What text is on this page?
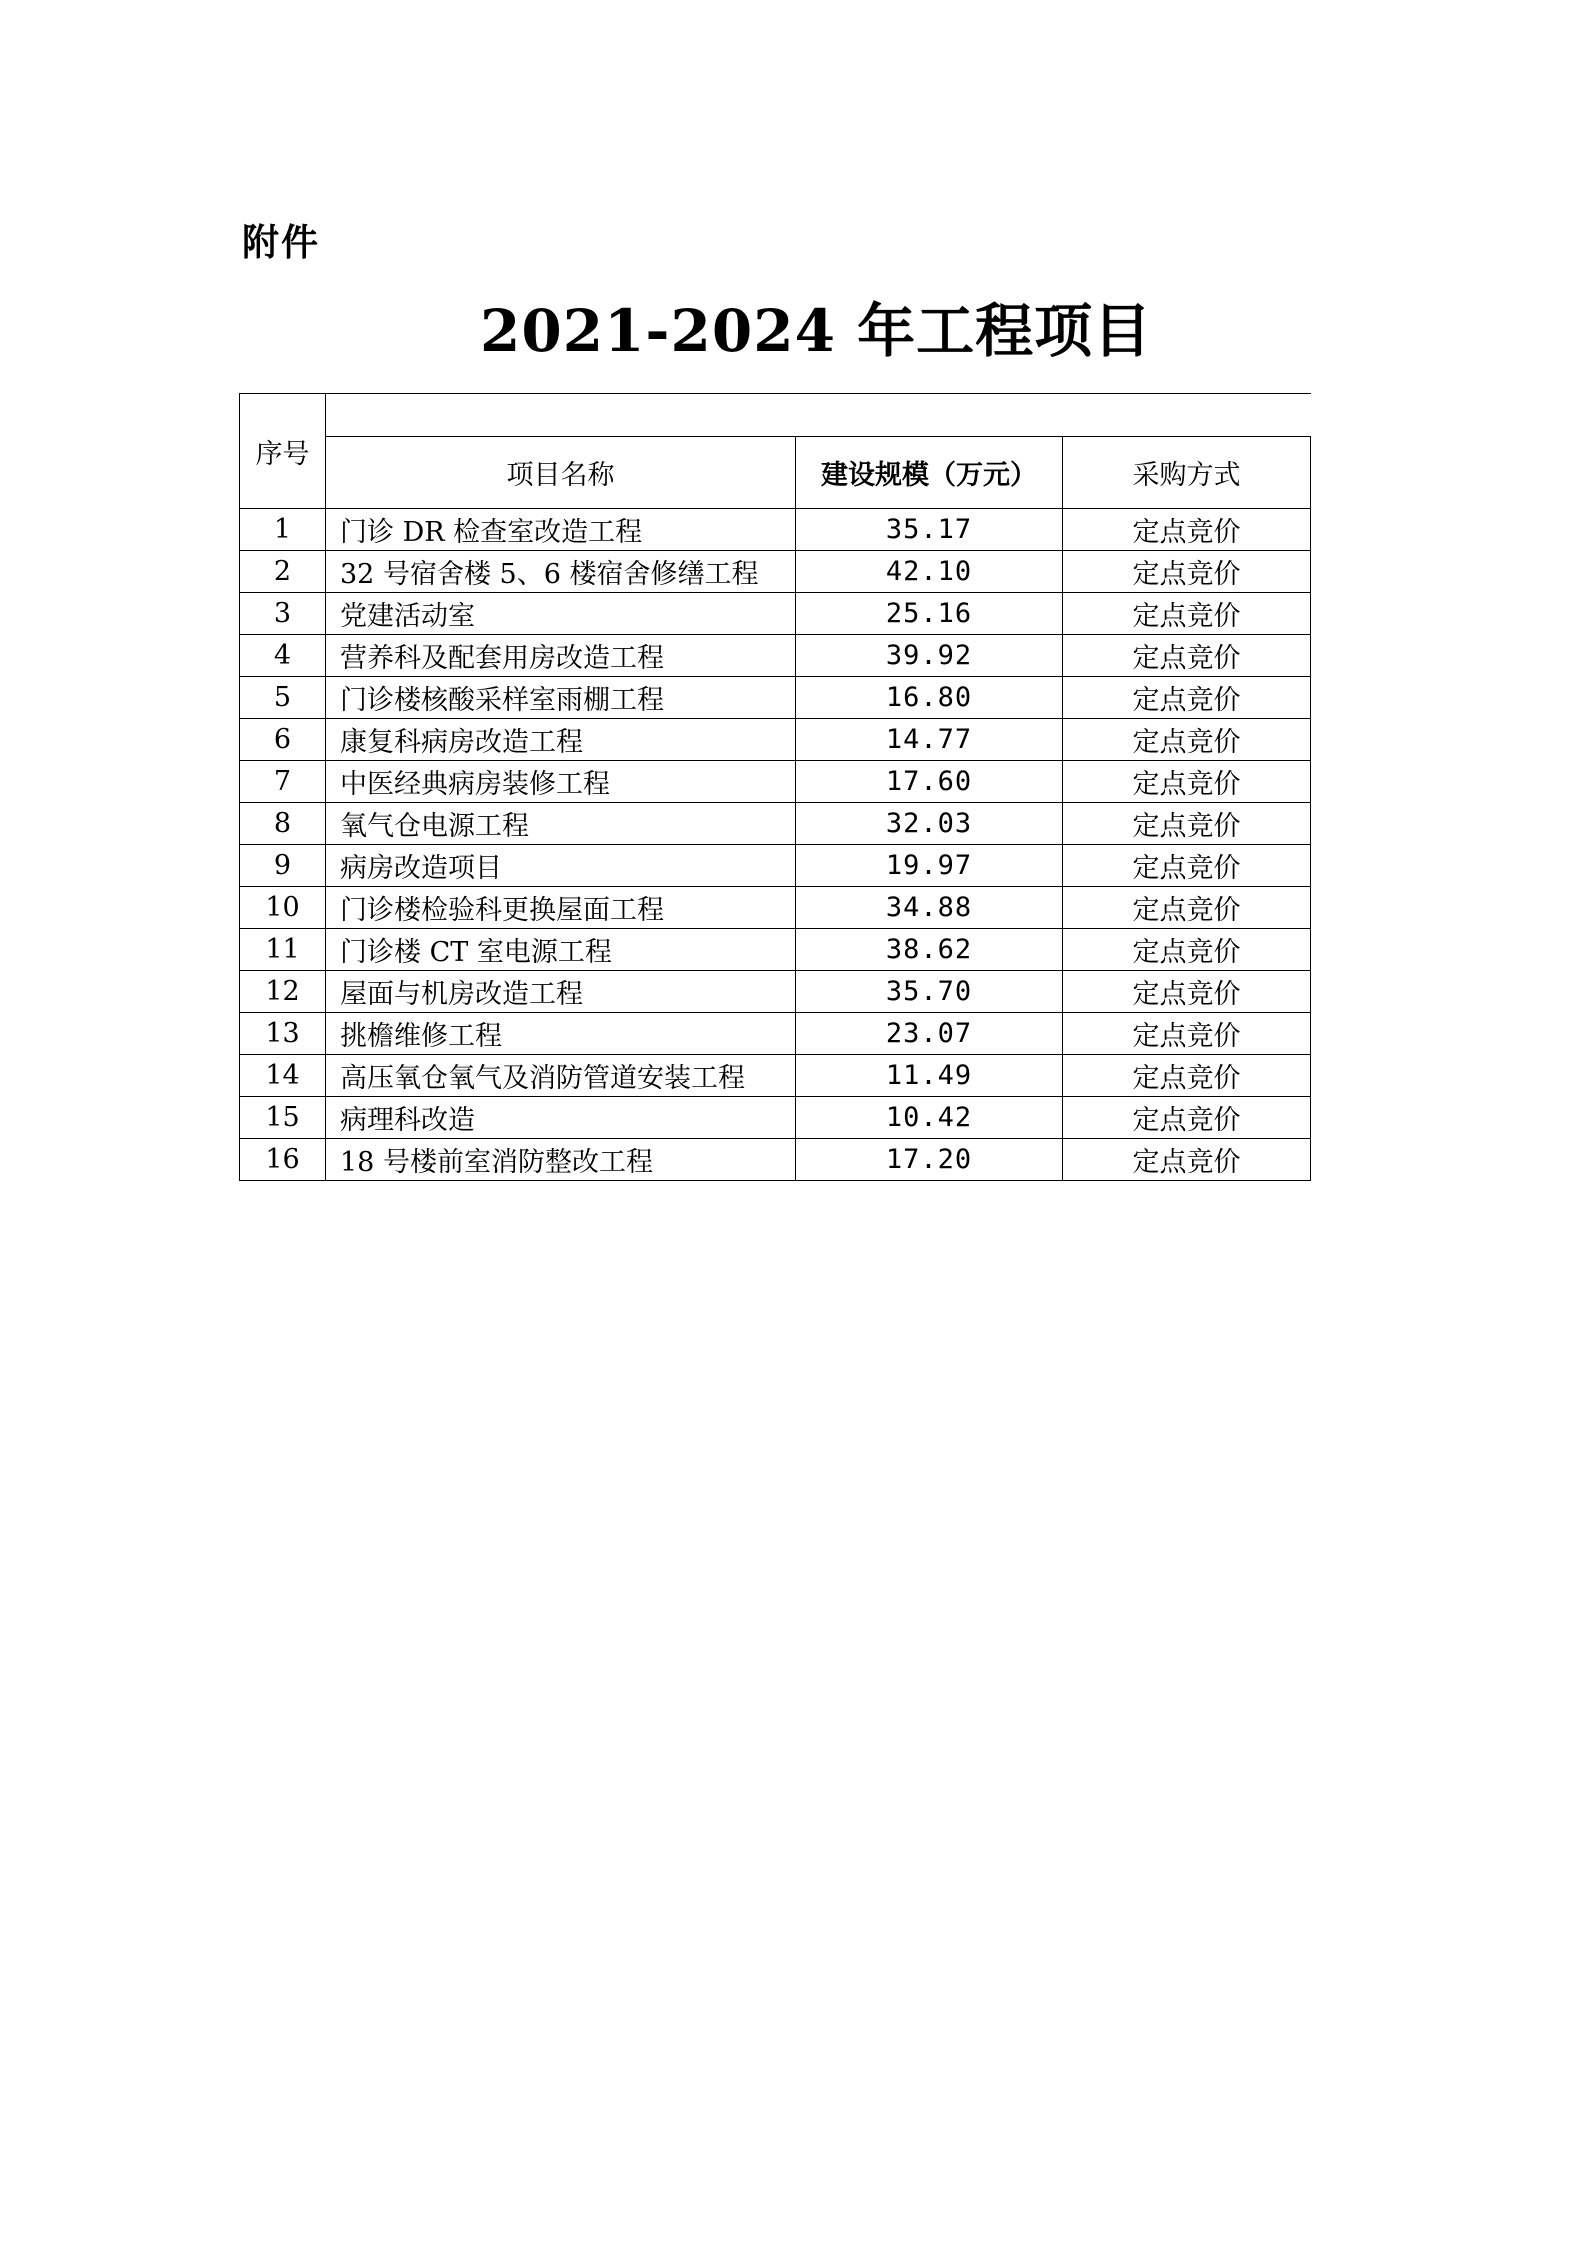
附件
2021-2024 年工程项目
序号			
	项目名称	建设规模（万元）	采购方式
1	门诊 DR 检查室改造工程	35.17	定点竞价
2	32 号宿舍楼 5、6 楼宿舍修缮工程	42.10	定点竞价
3	党建活动室	25.16	定点竞价
4	营养科及配套用房改造工程	39.92	定点竞价
5	门诊楼核酸采样室雨棚工程	16.80	定点竞价
6	康复科病房改造工程	14.77	定点竞价
7	中医经典病房装修工程	17.60	定点竞价
8	氧气仓电源工程	32.03	定点竞价
9	病房改造项目	19.97	定点竞价
10	门诊楼检验科更换屋面工程	34.88	定点竞价
11	门诊楼 CT 室电源工程	38.62	定点竞价
12	屋面与机房改造工程	35.70	定点竞价
13	挑檐维修工程	23.07	定点竞价
14	高压氧仓氧气及消防管道安装工程	11.49	定点竞价
15	病理科改造	10.42	定点竞价
16	18 号楼前室消防整改工程	17.20	定点竞价
